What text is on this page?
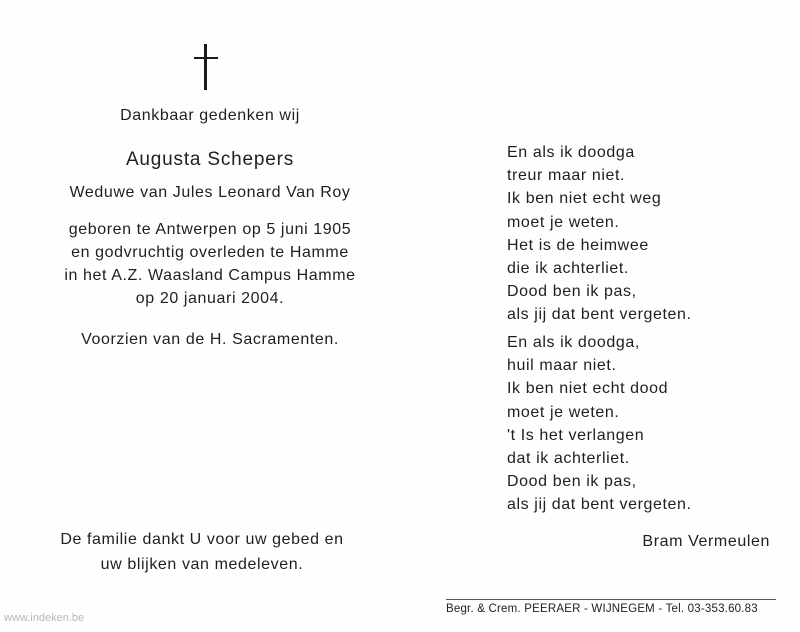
Dankbaar gedenken wij
Augusta Schepers
Weduwe van Jules Leonard Van Roy
geboren te Antwerpen op 5 juni 1905
en godvruchtig overleden te Hamme
in het A.Z. Waasland Campus Hamme
op 20 januari 2004.
Voorzien van de H. Sacramenten.
En als ik doodga
treur maar niet.
Ik ben niet echt weg
moet je weten.
Het is de heimwee
die ik achterliet.
Dood ben ik pas,
als jij dat bent vergeten.
En als ik doodga,
huil maar niet.
Ik ben niet echt dood
moet je weten.
't Is het verlangen
dat ik achterliet.
Dood ben ik pas,
als jij dat bent vergeten.
Bram Vermeulen
De familie dankt U voor uw gebed en
uw blijken van medeleven.
Begr. & Crem. PEERAER - WIJNEGEM - Tel. 03-353.60.83
www.indeken.be
